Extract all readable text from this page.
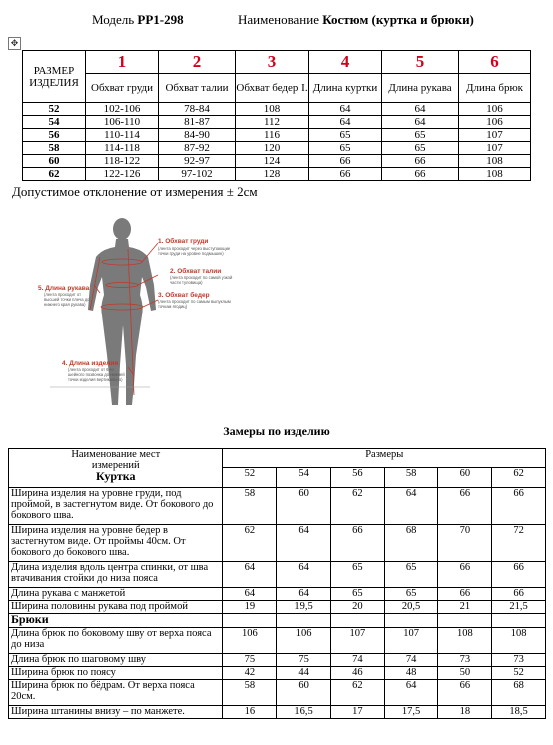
Модель РР1-298	Наименование Костюм (куртка и брюки)
✥
РАЗМЕР ИЗДЕЛИЯ	1	2	3	4	5	6
	Обхват груди	Обхват талии	Обхват бедер I.	Длина куртки	Длина рукава	Длина брюк
52	102-106	78-84	108	64	64	106
54	106-110	81-87	112	64	64	106
56	110-114	84-90	116	65	65	107
58	114-118	87-92	120	65	65	107
60	118-122	92-97	124	66	66	108
62	122-126	97-102	128	66	66	108
Допустимое отклонение от измерения ± 2см
1. Обхват груди
(лента проходит через выступающие
точки груди на уровне подмышек)
2. Обхват талии
(лента проходит по самой узкой
части туловища)
3. Обхват бедер
(лента проходит по самым выпуклым
точкам ягодиц)
4. Длина изделия
(лента проходит от 6-го
шейного позвонка до нижней
точки изделия вертикально)
5. Длина рукава
(лента проходит от
высшей точки плеча до
нижнего края рукава)
Замеры по изделию
Наименование мест измерений
Куртка	Размеры					
	52	54	56	58	60	62
Ширина изделия на уровне груди, под проймой, в застегнутом виде. От бокового до бокового шва.	58	60	62	64	66	66
Ширина изделия на уровне бедер в застегнутом виде. От проймы 40см. От бокового до бокового шва.	62	64	66	68	70	72
Длина изделия вдоль центра спинки, от шва втачивания стойки до низа пояса	64	64	65	65	66	66
Длина рукава с манжетой	64	64	65	65	66	66
Ширина половины рукава под проймой	19	19,5	20	20,5	21	21,5
Брюки						
Длина брюк по боковому шву от верха пояса до низа	106	106	107	107	108	108
Длина брюк по шаговому шву	75	75	74	74	73	73
Ширина брюк по поясу	42	44	46	48	50	52
Ширина брюк по бёдрам. От верха пояса 20см.	58	60	62	64	66	68
Ширина штанины внизу – по манжете.	16	16,5	17	17,5	18	18,5
